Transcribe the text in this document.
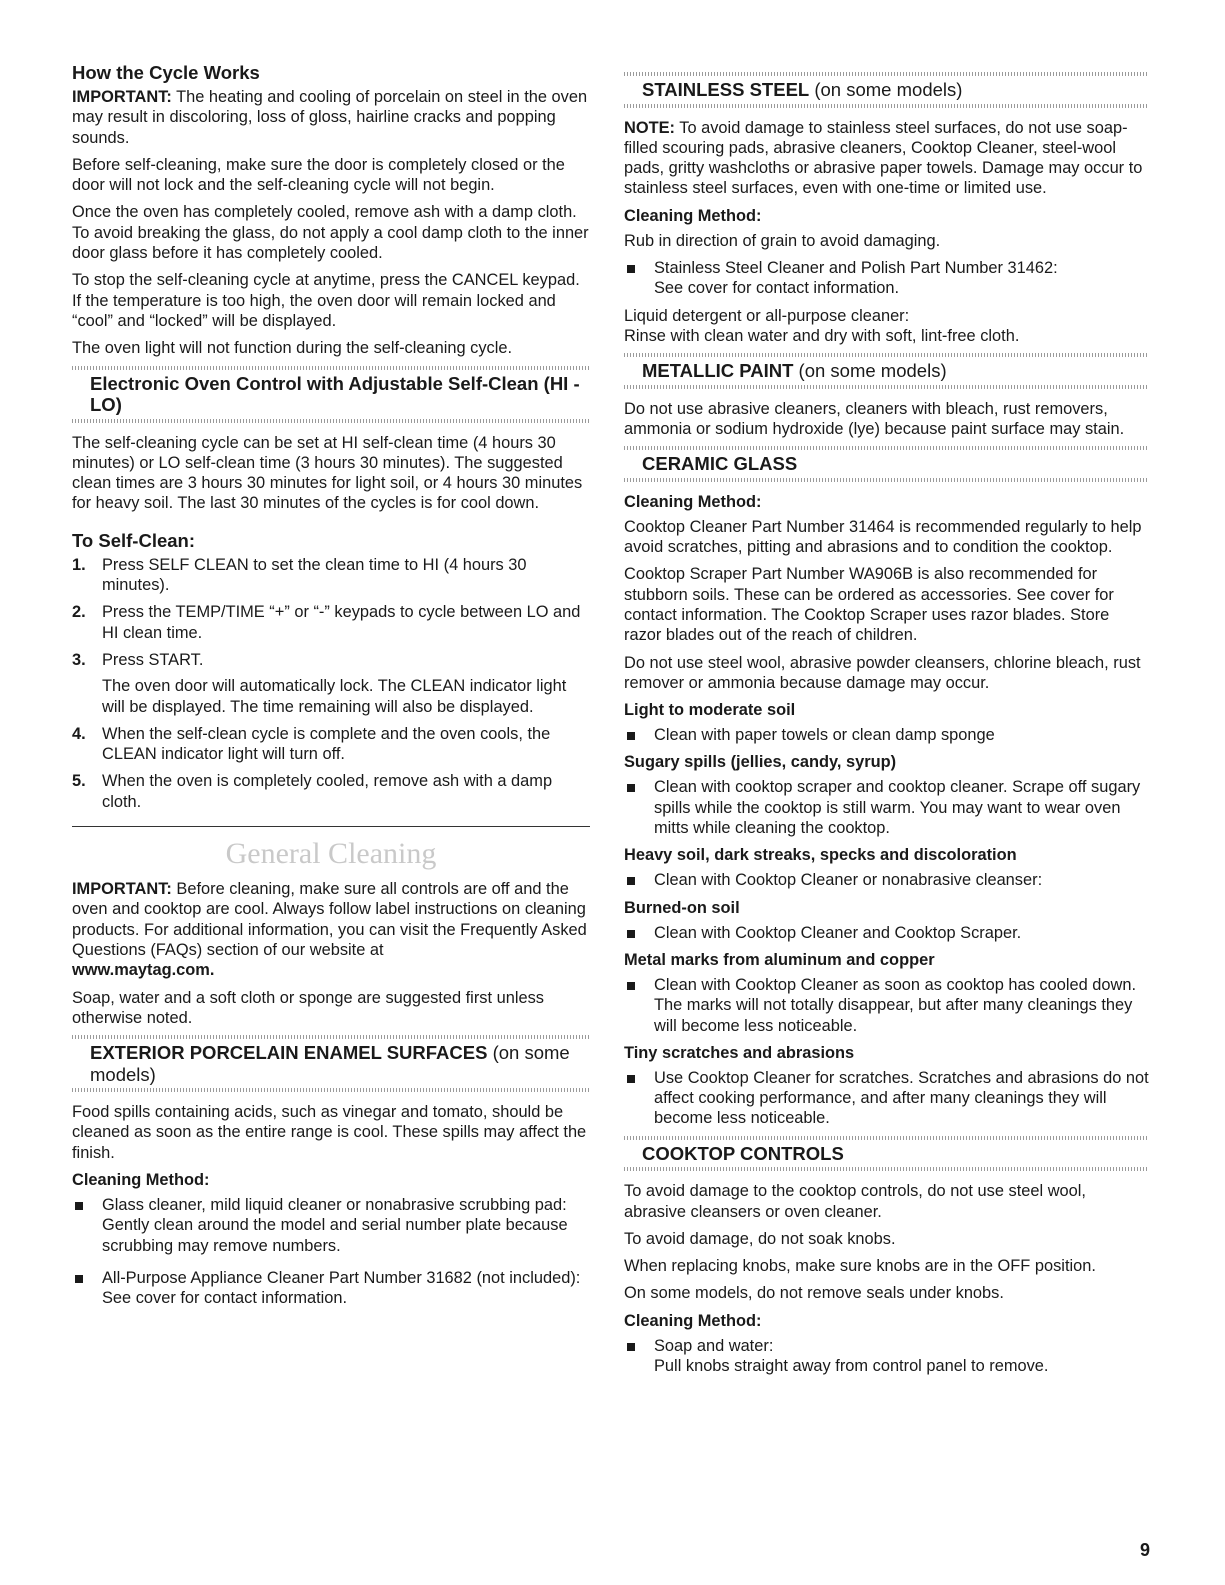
How the Cycle Works

IMPORTANT: The heating and cooling of porcelain on steel in the oven may result in discoloring, loss of gloss, hairline cracks and popping sounds.

Before self-cleaning, make sure the door is completely closed or the door will not lock and the self-cleaning cycle will not begin.

Once the oven has completely cooled, remove ash with a damp cloth. To avoid breaking the glass, do not apply a cool damp cloth to the inner door glass before it has completely cooled.

To stop the self-cleaning cycle at anytime, press the CANCEL keypad. If the temperature is too high, the oven door will remain locked and “cool” and “locked” will be displayed.

The oven light will not function during the self-cleaning cycle.

Electronic Oven Control with Adjustable Self-Clean (HI - LO)

The self-cleaning cycle can be set at HI self-clean time (4 hours 30 minutes) or LO self-clean time (3 hours 30 minutes). The suggested clean times are 3 hours 30 minutes for light soil, or 4 hours 30 minutes for heavy soil. The last 30 minutes of the cycles is for cool down.

To Self-Clean:
1. Press SELF CLEAN to set the clean time to HI (4 hours 30 minutes).

2. Press the TEMP/TIME “+” or “-” keypads to cycle between LO and HI clean time.

3. Press START.

The oven door will automatically lock. The CLEAN indicator light will be displayed. The time remaining will also be displayed.

4. When the self-clean cycle is complete and the oven cools, the CLEAN indicator light will turn off.

5. When the oven is completely cooled, remove ash with a damp cloth.

General Cleaning

IMPORTANT: Before cleaning, make sure all controls are off and the oven and cooktop are cool. Always follow label instructions on cleaning products. For additional information, you can visit the Frequently Asked Questions (FAQs) section of our website at
www.maytag.com.

Soap, water and a soft cloth or sponge are suggested first unless otherwise noted.

EXTERIOR PORCELAIN ENAMEL SURFACES (on some models)

Food spills containing acids, such as vinegar and tomato, should be cleaned as soon as the entire range is cool. These spills may affect the finish.

Cleaning Method:

Glass cleaner, mild liquid cleaner or nonabrasive scrubbing pad:

Gently clean around the model and serial number plate because scrubbing may remove numbers.

All-Purpose Appliance Cleaner Part Number 31682 (not included):

See cover for contact information.

STAINLESS STEEL (on some models)

NOTE: To avoid damage to stainless steel surfaces, do not use soap-filled scouring pads, abrasive cleaners, Cooktop Cleaner, steel-wool pads, gritty washcloths or abrasive paper towels. Damage may occur to stainless steel surfaces, even with one-time or limited use.

Cleaning Method:

Rub in direction of grain to avoid damaging.

Stainless Steel Cleaner and Polish Part Number 31462:

See cover for contact information.

Liquid detergent or all-purpose cleaner:

Rinse with clean water and dry with soft, lint-free cloth.

METALLIC PAINT (on some models)

Do not use abrasive cleaners, cleaners with bleach, rust removers, ammonia or sodium hydroxide (lye) because paint surface may stain.

CERAMIC GLASS
Cleaning Method:

Cooktop Cleaner Part Number 31464 is recommended regularly to help avoid scratches, pitting and abrasions and to condition the cooktop.

Cooktop Scraper Part Number WA906B is also recommended for stubborn soils. These can be ordered as accessories. See cover for contact information. The Cooktop Scraper uses razor blades. Store razor blades out of the reach of children.

Do not use steel wool, abrasive powder cleansers, chlorine bleach, rust remover or ammonia because damage may occur.

Light to moderate soil

Clean with paper towels or clean damp sponge

Sugary spills (jellies, candy, syrup)

Clean with cooktop scraper and cooktop cleaner. Scrape off sugary spills while the cooktop is still warm. You may want to wear oven mitts while cleaning the cooktop.

Heavy soil, dark streaks, specks and discoloration

Clean with Cooktop Cleaner or nonabrasive cleanser:

Burned-on soil

Clean with Cooktop Cleaner and Cooktop Scraper.

Metal marks from aluminum and copper

Clean with Cooktop Cleaner as soon as cooktop has cooled down. The marks will not totally disappear, but after many cleanings they will become less noticeable.

Tiny scratches and abrasions

Use Cooktop Cleaner for scratches. Scratches and abrasions do not affect cooking performance, and after many cleanings they will become less noticeable.

COOKTOP CONTROLS

To avoid damage to the cooktop controls, do not use steel wool, abrasive cleansers or oven cleaner.

To avoid damage, do not soak knobs.

When replacing knobs, make sure knobs are in the OFF position.

On some models, do not remove seals under knobs.

Cleaning Method:

Soap and water:

Pull knobs straight away from control panel to remove.

9
